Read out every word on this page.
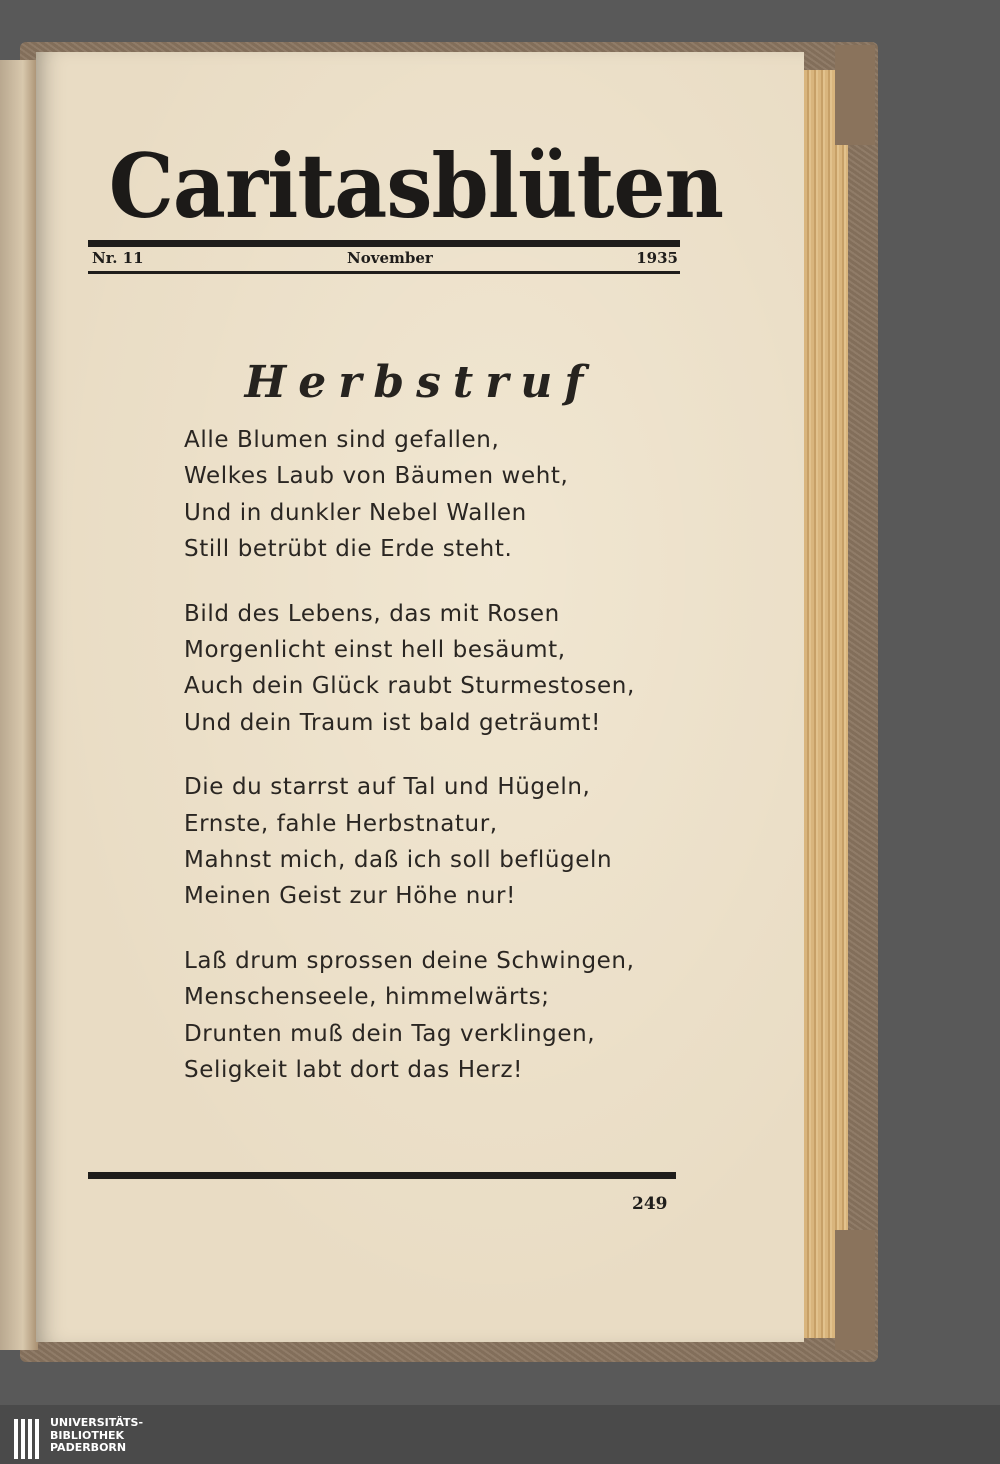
Caritasblüten
Nr. 11	November	1935
Herbstruf
Alle Blumen sind gefallen,
Welkes Laub von Bäumen weht,
Und in dunkler Nebel Wallen
Still betrübt die Erde steht.
Bild des Lebens, das mit Rosen
Morgenlicht einst hell besäumt,
Auch dein Glück raubt Sturmestosen,
Und dein Traum ist bald geträumt!
Die du starrst auf Tal und Hügeln,
Ernste, fahle Herbstnatur,
Mahnst mich, daß ich soll beflügeln
Meinen Geist zur Höhe nur!
Laß drum sprossen deine Schwingen,
Menschenseele, himmelwärts;
Drunten muß dein Tag verklingen,
Seligkeit labt dort das Herz!
249
UNIVERSITÄTS-
BIBLIOTHEK
PADERBORN
